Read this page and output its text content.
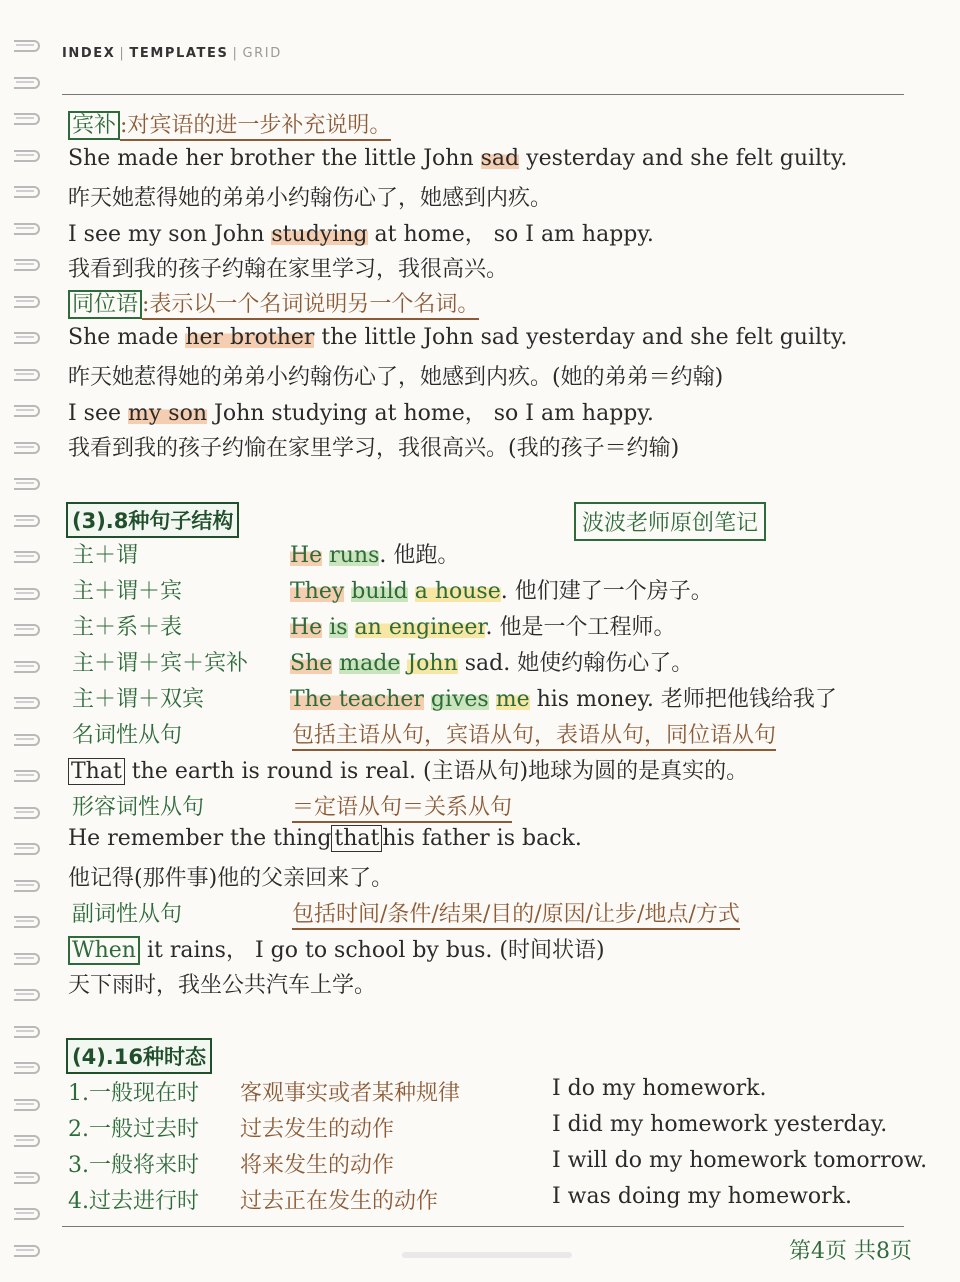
INDEX | TEMPLATES | GRID
宾补 :对宾语的进一步补充说明。
She made her brother the little John sad yesterday and she felt guilty.
昨天她惹得她的弟弟小约翰伤心了，她感到内疚。
I see my son John studying at home， so I am happy.
我看到我的孩子约翰在家里学习，我很高兴。
同位语 :表示以一个名词说明另一个名词。
She made her brother the little John sad yesterday and she felt guilty.
昨天她惹得她的弟弟小约翰伤心了，她感到内疚。(她的弟弟＝约翰)
I see my son John studying at home， so I am happy.
我看到我的孩子约愉在家里学习，我很高兴。(我的孩子＝约输)
(3).8种句子结构	波波老师原创笔记
主＋谓	He runs. 他跑。
主＋谓＋宾	They build a house. 他们建了一个房子。
主＋系＋表	He is an engineer. 他是一个工程师。
主＋谓＋宾＋宾补 She made John sad. 她使约翰伤心了。
主＋谓＋双宾	The teacher gives me his money. 老师把他钱给我了
名词性从句	包括主语从句，宾语从句，表语从句，同位语从句
That the earth is round is real. (主语从句)地球为圆的是真实的。
形容词性从句	＝定语从句＝关系从句
He remember the thing that his father is back.
他记得(那件事)他的父亲回来了。
副词性从句	包括时间/条件/结果/目的/原因/让步/地点/方式
When it rains， I go to school by bus. (时间状语)
天下雨时，我坐公共汽车上学。
(4).16种时态
1.一般现在时 客观事实或者某种规律	I do my homework.
2.一般过去时 过去发生的动作	I did my homework yesterday.
3.一般将来时 将来发生的动作	I will do my homework tomorrow.
4.过去进行时 过去正在发生的动作	I was doing my homework.
第4页 共8页
